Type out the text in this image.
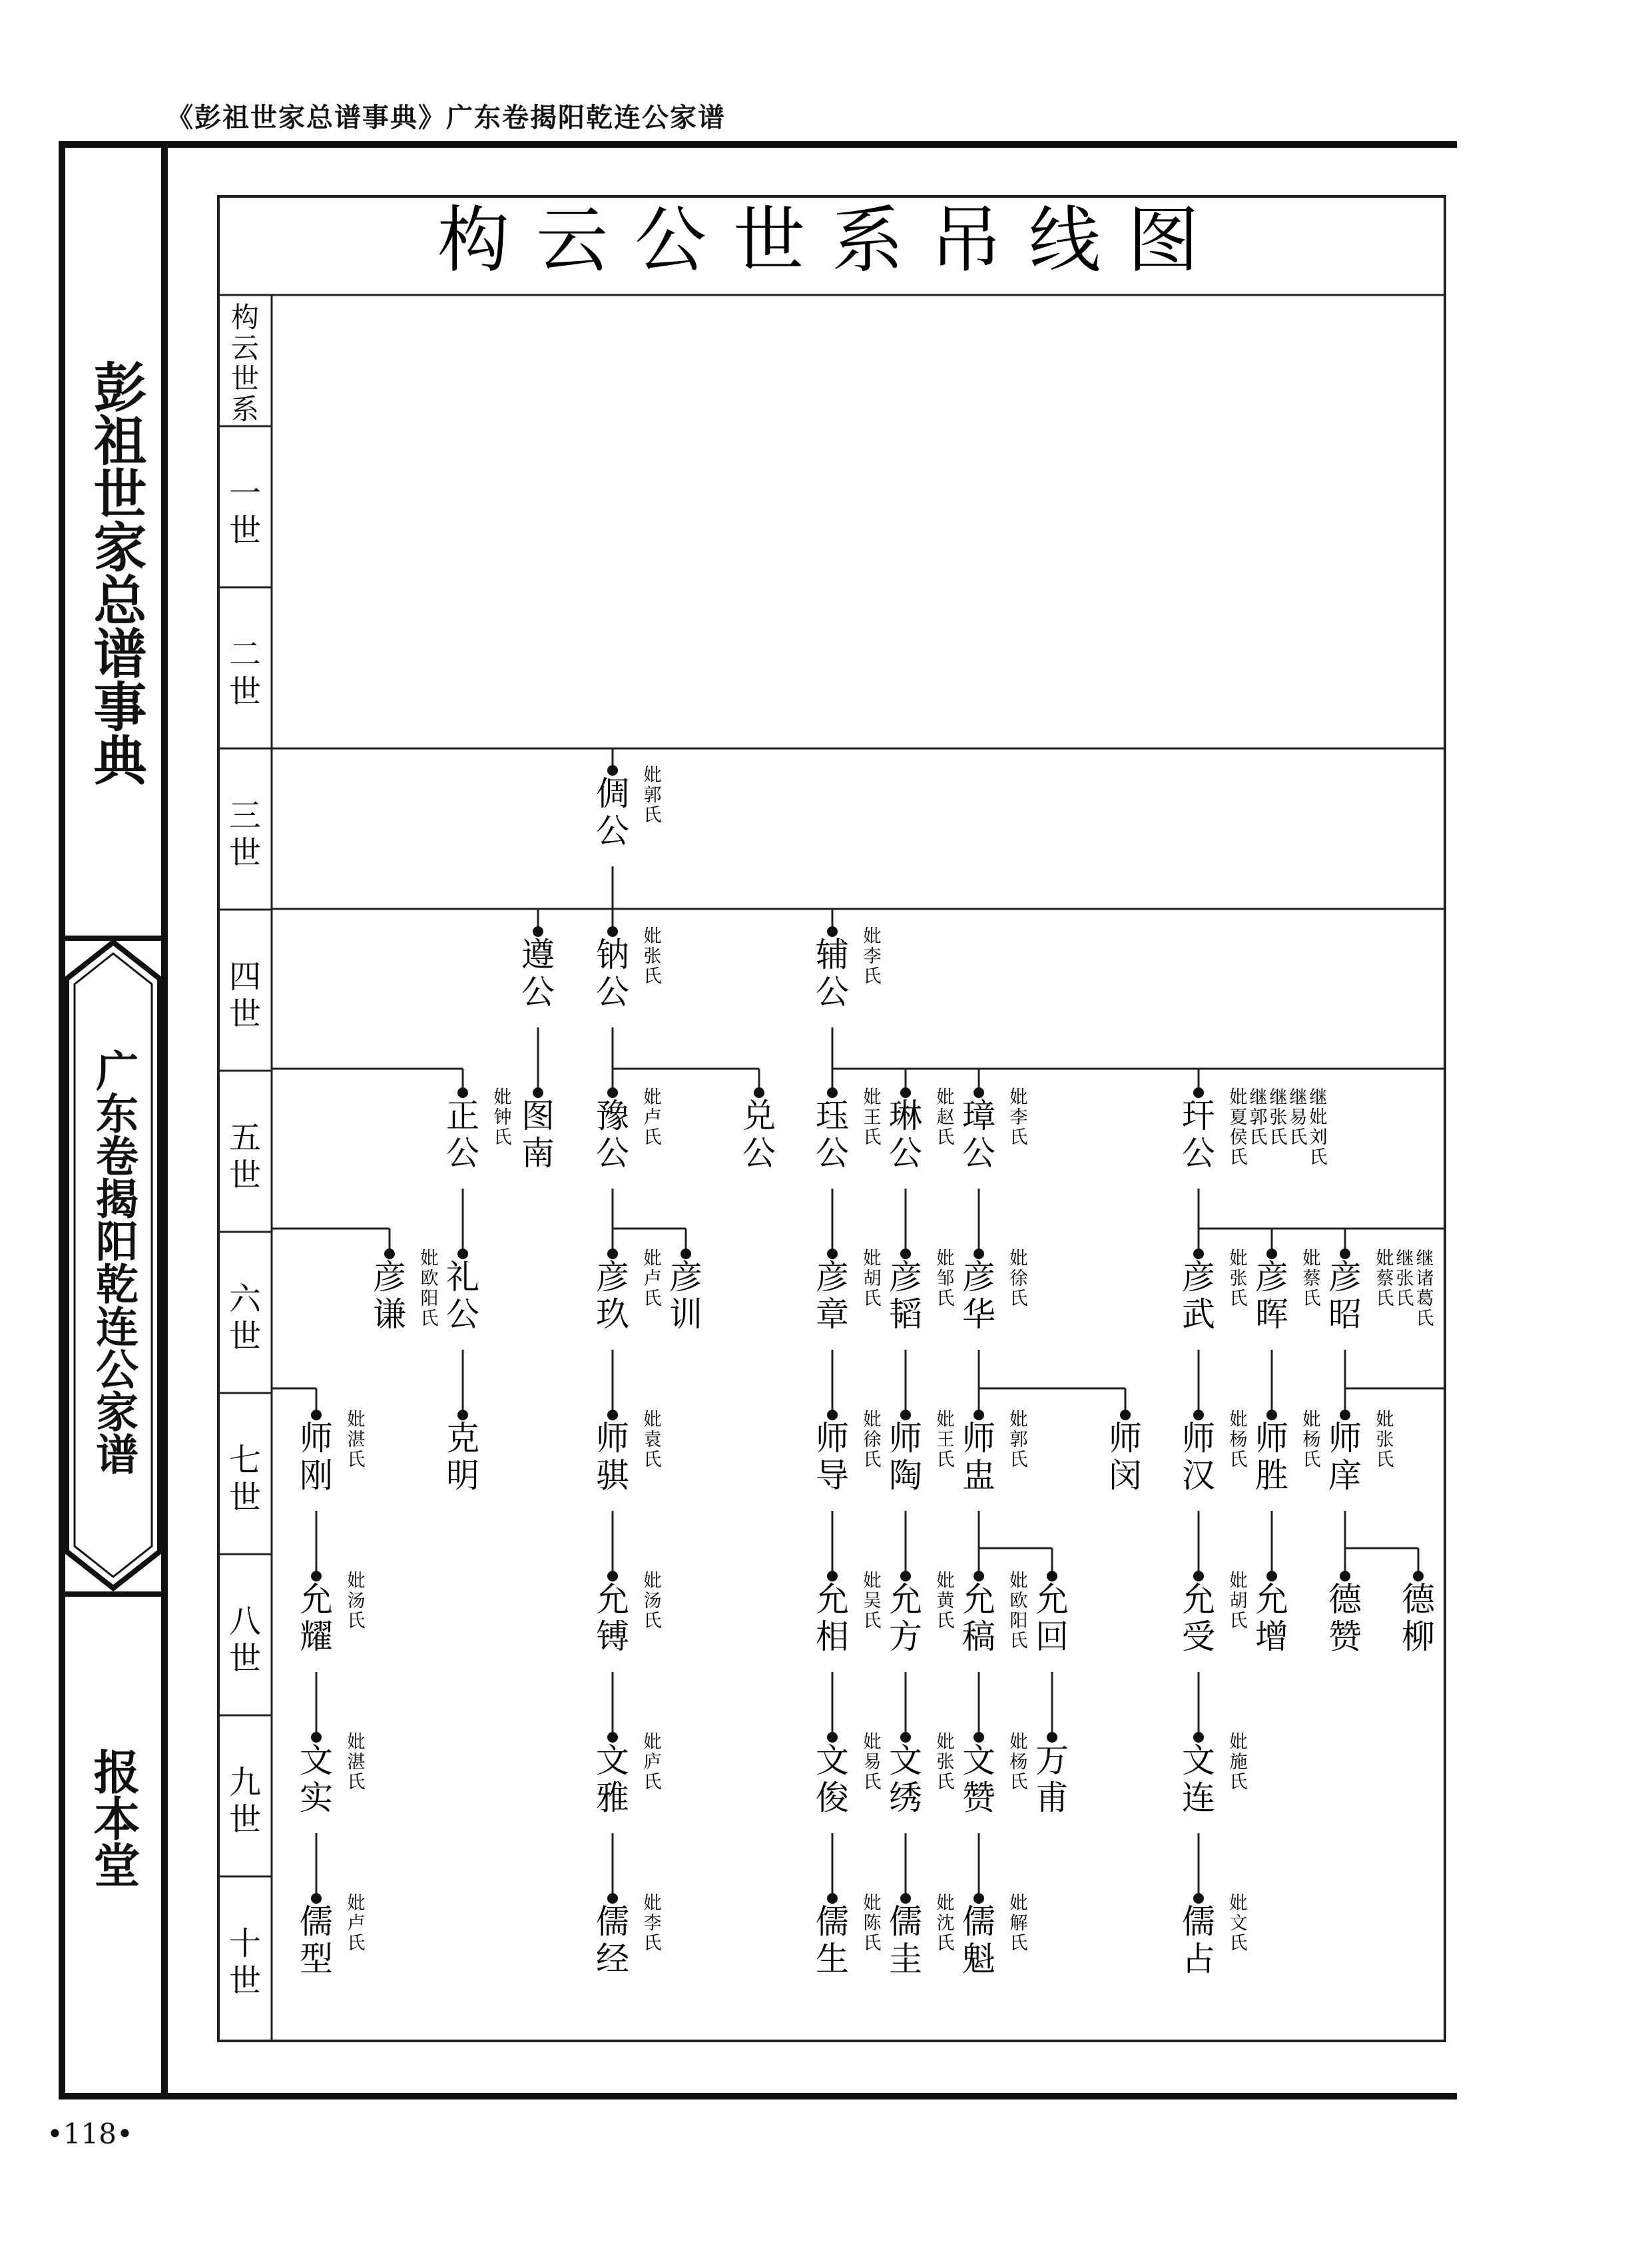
《彭祖世家总谱事典》广东卷揭阳乾连公家谱
彭祖世家总谱事典
广东卷揭阳乾连公家谱
报本堂
•118•
构云公世系吊线图
构
云
世
系
一
世
二
世
三
世
四
世
五
世
六
世
七
世
八
世
九
世
十
世
倜
公
妣
郭
氏
遵
公
钠
公
妣
张
氏
辅
公
妣
李
氏
正
公
妣
钟
氏
图
南
豫
公
妣
卢
氏
兑
公
珏
公
妣
王
氏
琳
公
妣
赵
氏
璋
公
妣
李
氏
玕
公
妣
夏
侯
氏
继
郭
氏
继
张
氏
继
易
氏
继
妣
刘
氏
彦
谦
妣
欧
阳
氏
礼
公
彦
玖
妣
卢
氏
彦
训
彦
章
妣
胡
氏
彦
韬
妣
邹
氏
彦
华
妣
徐
氏
彦
武
妣
张
氏
彦
晖
妣
蔡
氏
彦
昭
妣
蔡
氏
继
张
氏
继
诸
葛
氏
师
刚
妣
湛
氏
克
明
师
骐
妣
袁
氏
师
导
妣
徐
氏
师
陶
妣
王
氏
师
盅
妣
郭
氏
师
闵
师
汉
妣
杨
氏
师
胜
妣
杨
氏
师
庠
妣
张
氏
允
耀
妣
汤
氏
允
镈
妣
汤
氏
允
相
妣
吴
氏
允
方
妣
黄
氏
允
稿
妣
欧
阳
氏
允
回
允
受
妣
胡
氏
允
增
德
赞
德
柳
文
实
妣
湛
氏
文
雅
妣
庐
氏
文
俊
妣
易
氏
文
绣
妣
张
氏
文
赞
妣
杨
氏
万
甫
文
连
妣
施
氏
儒
型
妣
卢
氏
儒
经
妣
李
氏
儒
生
妣
陈
氏
儒
圭
妣
沈
氏
儒
魁
妣
解
氏
儒
占
妣
文
氏
